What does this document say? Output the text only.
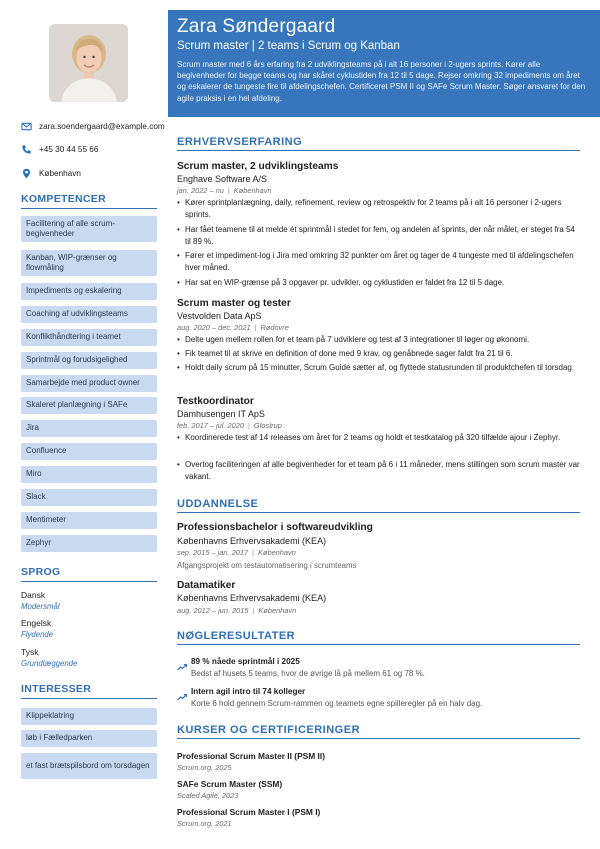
zara.soendergaard@example.com
+45 30 44 55 66
København
KOMPETENCER
Facilitering af alle scrum-begivenheder
Kanban, WIP-grænser og flowmåling
Impediments og eskalering
Coaching af udviklingsteams
Konflikthåndtering i teamet
Sprintmål og forudsigelighed
Samarbejde med product owner
Skaleret planlægning i SAFe
Jira
Confluence
Miro
Slack
Mentimeter
Zephyr
SPROG
Dansk
Modersmål
Engelsk
Flydende
Tysk
Grundlæggende
INTERESSER
Klippeklatring
løb i Fælledparken
et fast brætspilsbord om torsdagen
Zara Søndergaard
Scrum master | 2 teams i Scrum og Kanban
Scrum master med 6 års erfaring fra 2 udviklingsteams på i alt 16 personer i 2-ugers sprints. Kører alle begivenheder for begge teams og har skåret cyklustiden fra 12 til 5 dage. Rejser omkring 32 impediments om året og eskalerer de tungeste fire til afdelingschefen. Certificeret PSM II og SAFe Scrum Master. Søger ansvaret for den agile praksis i en hel afdeling.
ERHVERVSERFARING
Scrum master, 2 udviklingsteams
Enghave Software A/S
jan. 2022 – nu | København
• Kører sprintplanlægning, daily, refinement, review og retrospektiv for 2 teams på i alt 16 personer i 2-ugers sprints.
• Har fået teamene til at melde ét sprintmål i stedet for fem, og andelen af sprints, der når målet, er steget fra 54 til 89 %.
• Fører et impediment-log i Jira med omkring 32 punkter om året og tager de 4 tungeste med til afdelingschefen hver måned.
• Har sat en WIP-grænse på 3 opgaver pr. udvikler, og cyklustiden er faldet fra 12 til 5 dage.
Scrum master og tester
Vestvolden Data ApS
aug. 2020 – dec. 2021 | Rødovre
• Delte ugen mellem rollen for et team på 7 udviklere og test af 3 integrationer til løger og økonomi.
• Fik teamet til at skrive en definition of done med 9 krav, og genåbnede sager faldt fra 21 til 6.
• Holdt daily scrum på 15 minutter, Scrum Guide sætter af, og flyttede statusrunden til produktchefen til torsdag.
Testkoordinator
Damhusengen IT ApS
feb. 2017 – jul. 2020 | Glostrup
• Koordinerede test af 14 releases om året for 2 teams og holdt et testkatalog på 320 tilfælde ajour i Zephyr.
• Overtog faciliteringen af alle begivenheder for et team på 6 i 11 måneder, mens stillingen som scrum master var vakant.
UDDANNELSE
Professionsbachelor i softwareudvikling
Københavns Erhvervsakademi (KEA)
sep. 2015 – jan. 2017 | København
Afgangsprojekt om testautomatisering i scrumteams
Datamatiker
Københavns Erhvervsakademi (KEA)
aug. 2012 – jun. 2015 | København
NØGLERESULTATER
89 % nåede sprintmål i 2025
Bedst af husets 5 teams, hvor de øvrige lå på mellem 61 og 78 %.
Intern agil intro til 74 kolleger
Korte 6 hold gennem Scrum-rammen og teamets egne spilleregler på en halv dag.
KURSER OG CERTIFICERINGER
Professional Scrum Master II (PSM II)
Scrum.org, 2025
SAFe Scrum Master (SSM)
Scaled Agile, 2023
Professional Scrum Master I (PSM I)
Scrum.org, 2021
